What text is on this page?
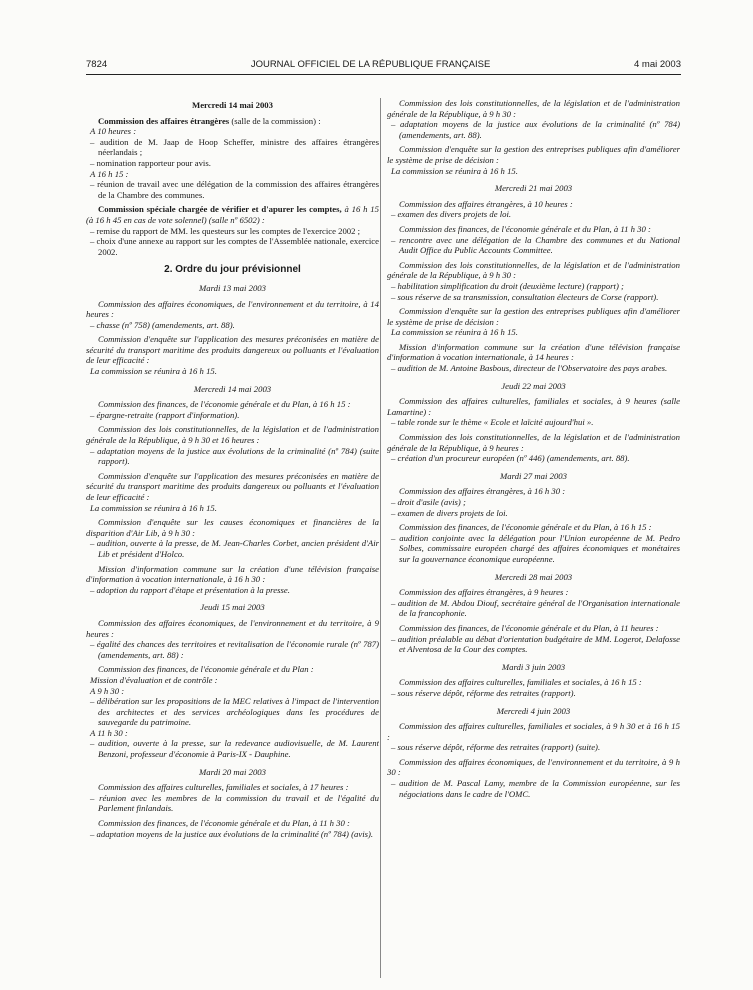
7824	JOURNAL OFFICIEL DE LA RÉPUBLIQUE FRANÇAISE	4 mai 2003
Mercredi 14 mai 2003
Commission des affaires étrangères (salle de la commission) :
A 10 heures :
– audition de M. Jaap de Hoop Scheffer, ministre des affaires étrangères néerlandais ;
– nomination rapporteur pour avis.
A 16 h 15 :
– réunion de travail avec une délégation de la commission des affaires étrangères de la Chambre des communes.
Commission spéciale chargée de vérifier et d'apurer les comptes, à 16 h 15 (à 16 h 45 en cas de vote solennel) (salle nº 6502) :
– remise du rapport de MM. les questeurs sur les comptes de l'exercice 2002 ;
– choix d'une annexe au rapport sur les comptes de l'Assemblée nationale, exercice 2002.
2. Ordre du jour prévisionnel
Mardi 13 mai 2003
Commission des affaires économiques, de l'environnement et du territoire, à 14 heures :
– chasse (nº 758) (amendements, art. 88).
Commission d'enquête sur l'application des mesures préconisées en matière de sécurité du transport maritime des produits dangereux ou polluants et l'évaluation de leur efficacité :
La commission se réunira à 16 h 15.
Mercredi 14 mai 2003
Commission des finances, de l'économie générale et du Plan, à 16 h 15 :
– épargne-retraite (rapport d'information).
Commission des lois constitutionnelles, de la législation et de l'administration générale de la République, à 9 h 30 et 16 heures :
– adaptation moyens de la justice aux évolutions de la criminalité (nº 784) (suite rapport).
Commission d'enquête sur l'application des mesures préconisées en matière de sécurité du transport maritime des produits dangereux ou polluants et l'évaluation de leur efficacité :
La commission se réunira à 16 h 15.
Commission d'enquête sur les causes économiques et financières de la disparition d'Air Lib, à 9 h 30 :
– audition, ouverte à la presse, de M. Jean-Charles Corbet, ancien président d'Air Lib et président d'Holco.
Mission d'information commune sur la création d'une télévision française d'information à vocation internationale, à 16 h 30 :
– adoption du rapport d'étape et présentation à la presse.
Jeudi 15 mai 2003
Commission des affaires économiques, de l'environnement et du territoire, à 9 heures :
– égalité des chances des territoires et revitalisation de l'économie rurale (nº 787) (amendements, art. 88) :
Commission des finances, de l'économie générale et du Plan :
Mission d'évaluation et de contrôle :
A 9 h 30 :
– délibération sur les propositions de la MEC relatives à l'impact de l'intervention des architectes et des services archéologiques dans les procédures de sauvegarde du patrimoine.
A 11 h 30 :
– audition, ouverte à la presse, sur la redevance audiovisuelle, de M. Laurent Benzoni, professeur d'économie à Paris-IX - Dauphine.
Mardi 20 mai 2003
Commission des affaires culturelles, familiales et sociales, à 17 heures :
– réunion avec les membres de la commission du travail et de l'égalité du Parlement finlandais.
Commission des finances, de l'économie générale et du Plan, à 11 h 30 :
– adaptation moyens de la justice aux évolutions de la criminalité (nº 784) (avis).
Commission des lois constitutionnelles, de la législation et de l'administration générale de la République, à 9 h 30 :
– adaptation moyens de la justice aux évolutions de la criminalité (nº 784) (amendements, art. 88).
Commission d'enquête sur la gestion des entreprises publiques afin d'améliorer le système de prise de décision :
La commission se réunira à 16 h 15.
Mercredi 21 mai 2003
Commission des affaires étrangères, à 10 heures :
– examen des divers projets de loi.
Commission des finances, de l'économie générale et du Plan, à 11 h 30 :
– rencontre avec une délégation de la Chambre des communes et du National Audit Office du Public Accounts Committee.
Commission des lois constitutionnelles, de la législation et de l'administration générale de la République, à 9 h 30 :
– habilitation simplification du droit (deuxième lecture) (rapport) ;
– sous réserve de sa transmission, consultation électeurs de Corse (rapport).
Commission d'enquête sur la gestion des entreprises publiques afin d'améliorer le système de prise de décision :
La commission se réunira à 16 h 15.
Mission d'information commune sur la création d'une télévision française d'information à vocation internationale, à 14 heures :
– audition de M. Antoine Basbous, directeur de l'Observatoire des pays arabes.
Jeudi 22 mai 2003
Commission des affaires culturelles, familiales et sociales, à 9 heures (salle Lamartine) :
– table ronde sur le thème « Ecole et laïcité aujourd'hui ».
Commission des lois constitutionnelles, de la législation et de l'administration générale de la République, à 9 heures :
– création d'un procureur européen (nº 446) (amendements, art. 88).
Mardi 27 mai 2003
Commission des affaires étrangères, à 16 h 30 :
– droit d'asile (avis) ;
– examen de divers projets de loi.
Commission des finances, de l'économie générale et du Plan, à 16 h 15 :
– audition conjointe avec la délégation pour l'Union européenne de M. Pedro Solbes, commissaire européen chargé des affaires économiques et monétaires sur la gouvernance économique européenne.
Mercredi 28 mai 2003
Commission des affaires étrangères, à 9 heures :
– audition de M. Abdou Diouf, secrétaire général de l'Organisation internationale de la francophonie.
Commission des finances, de l'économie générale et du Plan, à 11 heures :
– audition préalable au débat d'orientation budgétaire de MM. Logerot, Delafosse et Alventosa de la Cour des comptes.
Mardi 3 juin 2003
Commission des affaires culturelles, familiales et sociales, à 16 h 15 :
– sous réserve dépôt, réforme des retraites (rapport).
Mercredi 4 juin 2003
Commission des affaires culturelles, familiales et sociales, à 9 h 30 et à 16 h 15 :
– sous réserve dépôt, réforme des retraites (rapport) (suite).
Commission des affaires économiques, de l'environnement et du territoire, à 9 h 30 :
– audition de M. Pascal Lamy, membre de la Commission européenne, sur les négociations dans le cadre de l'OMC.
